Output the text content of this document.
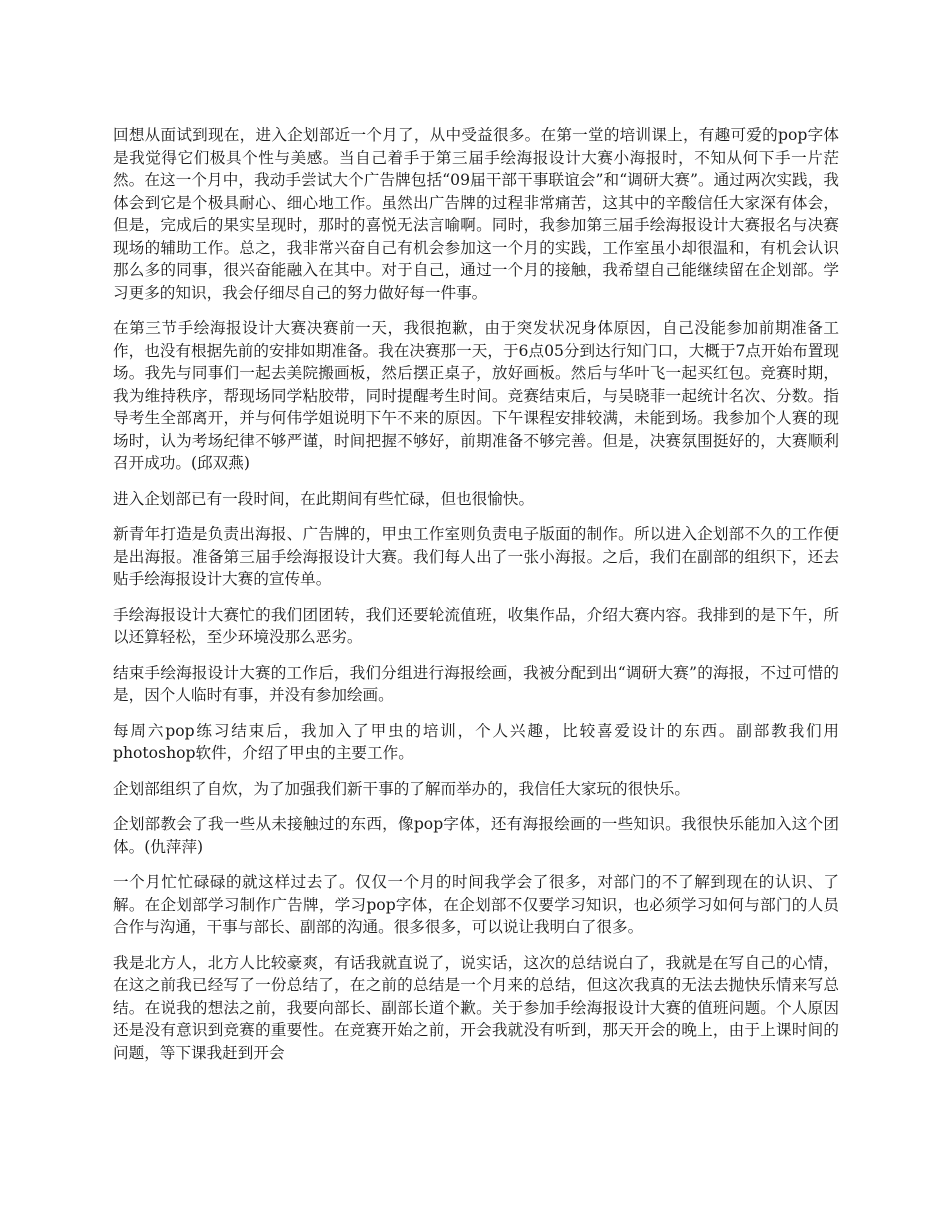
回想从面试到现在，进入企划部近一个月了，从中受益很多。在第一堂的培训课上，有趣可爱的pop字体是我觉得它们极具个性与美感。当自己着手于第三届手绘海报设计大赛小海报时，不知从何下手一片茫然。在这一个月中，我动手尝试大个广告牌包括“09届干部干事联谊会”和“调研大赛”。通过两次实践，我体会到它是个极具耐心、细心地工作。虽然出广告牌的过程非常痛苦，这其中的辛酸信任大家深有体会，但是，完成后的果实呈现时，那时的喜悦无法言喻啊。同时，我参加第三届手绘海报设计大赛报名与决赛现场的辅助工作。总之，我非常兴奋自己有机会参加这一个月的实践，工作室虽小却很温和，有机会认识那么多的同事，很兴奋能融入在其中。对于自己，通过一个月的接触，我希望自己能继续留在企划部。学习更多的知识，我会仔细尽自己的努力做好每一件事。

在第三节手绘海报设计大赛决赛前一天，我很抱歉，由于突发状况身体原因，自己没能参加前期准备工作，也没有根据先前的安排如期准备。我在决赛那一天，于6点05分到达行知门口，大概于7点开始布置现场。我先与同事们一起去美院搬画板，然后摆正桌子，放好画板。然后与华叶飞一起买红包。竞赛时期，我为维持秩序，帮现场同学粘胶带，同时提醒考生时间。竞赛结束后，与吴晓菲一起统计名次、分数。指导考生全部离开，并与何伟学姐说明下午不来的原因。下午课程安排较满，未能到场。我参加个人赛的现场时，认为考场纪律不够严谨，时间把握不够好，前期准备不够完善。但是，决赛氛围挺好的，大赛顺利召开成功。(邱双燕)

进入企划部已有一段时间，在此期间有些忙碌，但也很愉快。

新青年打造是负责出海报、广告牌的，甲虫工作室则负责电子版面的制作。所以进入企划部不久的工作便是出海报。准备第三届手绘海报设计大赛。我们每人出了一张小海报。之后，我们在副部的组织下，还去贴手绘海报设计大赛的宣传单。

手绘海报设计大赛忙的我们团团转，我们还要轮流值班，收集作品，介绍大赛内容。我排到的是下午，所以还算轻松，至少环境没那么恶劣。

结束手绘海报设计大赛的工作后，我们分组进行海报绘画，我被分配到出“调研大赛”的海报，不过可惜的是，因个人临时有事，并没有参加绘画。

每周六pop练习结束后，我加入了甲虫的培训，个人兴趣，比较喜爱设计的东西。副部教我们用photoshop软件，介绍了甲虫的主要工作。

企划部组织了自炊，为了加强我们新干事的了解而举办的，我信任大家玩的很快乐。

企划部教会了我一些从未接触过的东西，像pop字体，还有海报绘画的一些知识。我很快乐能加入这个团体。(仇萍萍)

一个月忙忙碌碌的就这样过去了。仅仅一个月的时间我学会了很多，对部门的不了解到现在的认识、了解。在企划部学习制作广告牌，学习pop字体，在企划部不仅要学习知识，也必须学习如何与部门的人员合作与沟通，干事与部长、副部的沟通。很多很多，可以说让我明白了很多。

我是北方人，北方人比较豪爽，有话我就直说了，说实话，这次的总结说白了，我就是在写自己的心情，在这之前我已经写了一份总结了，在之前的总结是一个月来的总结，但这次我真的无法去抛快乐情来写总结。在说我的想法之前，我要向部长、副部长道个歉。关于参加手绘海报设计大赛的值班问题。个人原因还是没有意识到竞赛的重要性。在竞赛开始之前，开会我就没有听到，那天开会的晚上，由于上课时间的问题，等下课我赶到开会
